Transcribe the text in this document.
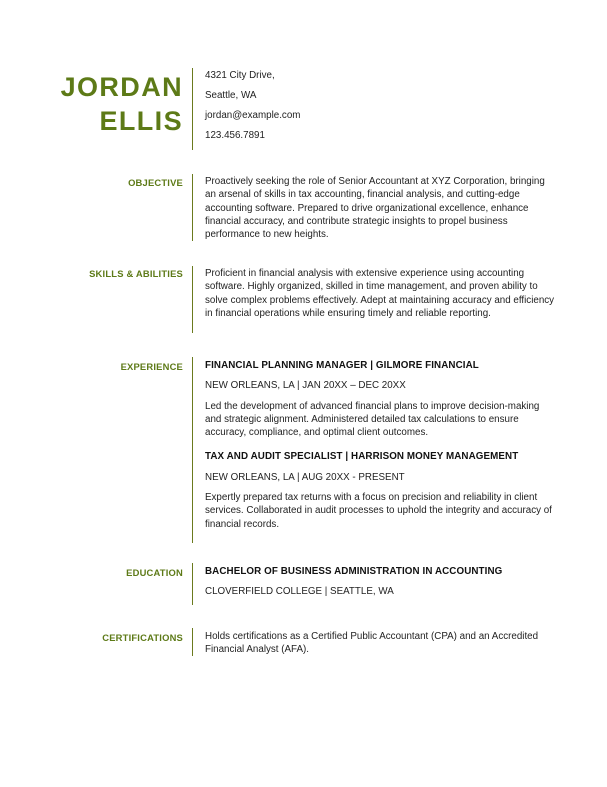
JORDAN
ELLIS
4321 City Drive,
Seattle, WA
jordan@example.com
123.456.7891
OBJECTIVE Proactively seeking the role of Senior Accountant at XYZ Corporation, bringing an arsenal of skills in tax accounting, financial analysis, and cutting-edge accounting software. Prepared to drive organizational excellence, enhance financial accuracy, and contribute strategic insights to propel business performance to new heights.
SKILLS & ABILITIES Proficient in financial analysis with extensive experience using accounting software. Highly organized, skilled in time management, and proven ability to solve complex problems effectively. Adept at maintaining accuracy and efficiency in financial operations while ensuring timely and reliable reporting.
EXPERIENCE FINANCIAL PLANNING MANAGER | GILMORE FINANCIAL
NEW ORLEANS, LA | JAN 20XX – DEC 20XX
Led the development of advanced financial plans to improve decision-making and strategic alignment. Administered detailed tax calculations to ensure accuracy, compliance, and optimal client outcomes.
TAX AND AUDIT SPECIALIST | HARRISON MONEY MANAGEMENT
NEW ORLEANS, LA | AUG 20XX - PRESENT
Expertly prepared tax returns with a focus on precision and reliability in client services. Collaborated in audit processes to uphold the integrity and accuracy of financial records.
EDUCATION BACHELOR OF BUSINESS ADMINISTRATION IN ACCOUNTING
CLOVERFIELD COLLEGE | SEATTLE, WA
CERTIFICATIONS Holds certifications as a Certified Public Accountant (CPA) and an Accredited Financial Analyst (AFA).
